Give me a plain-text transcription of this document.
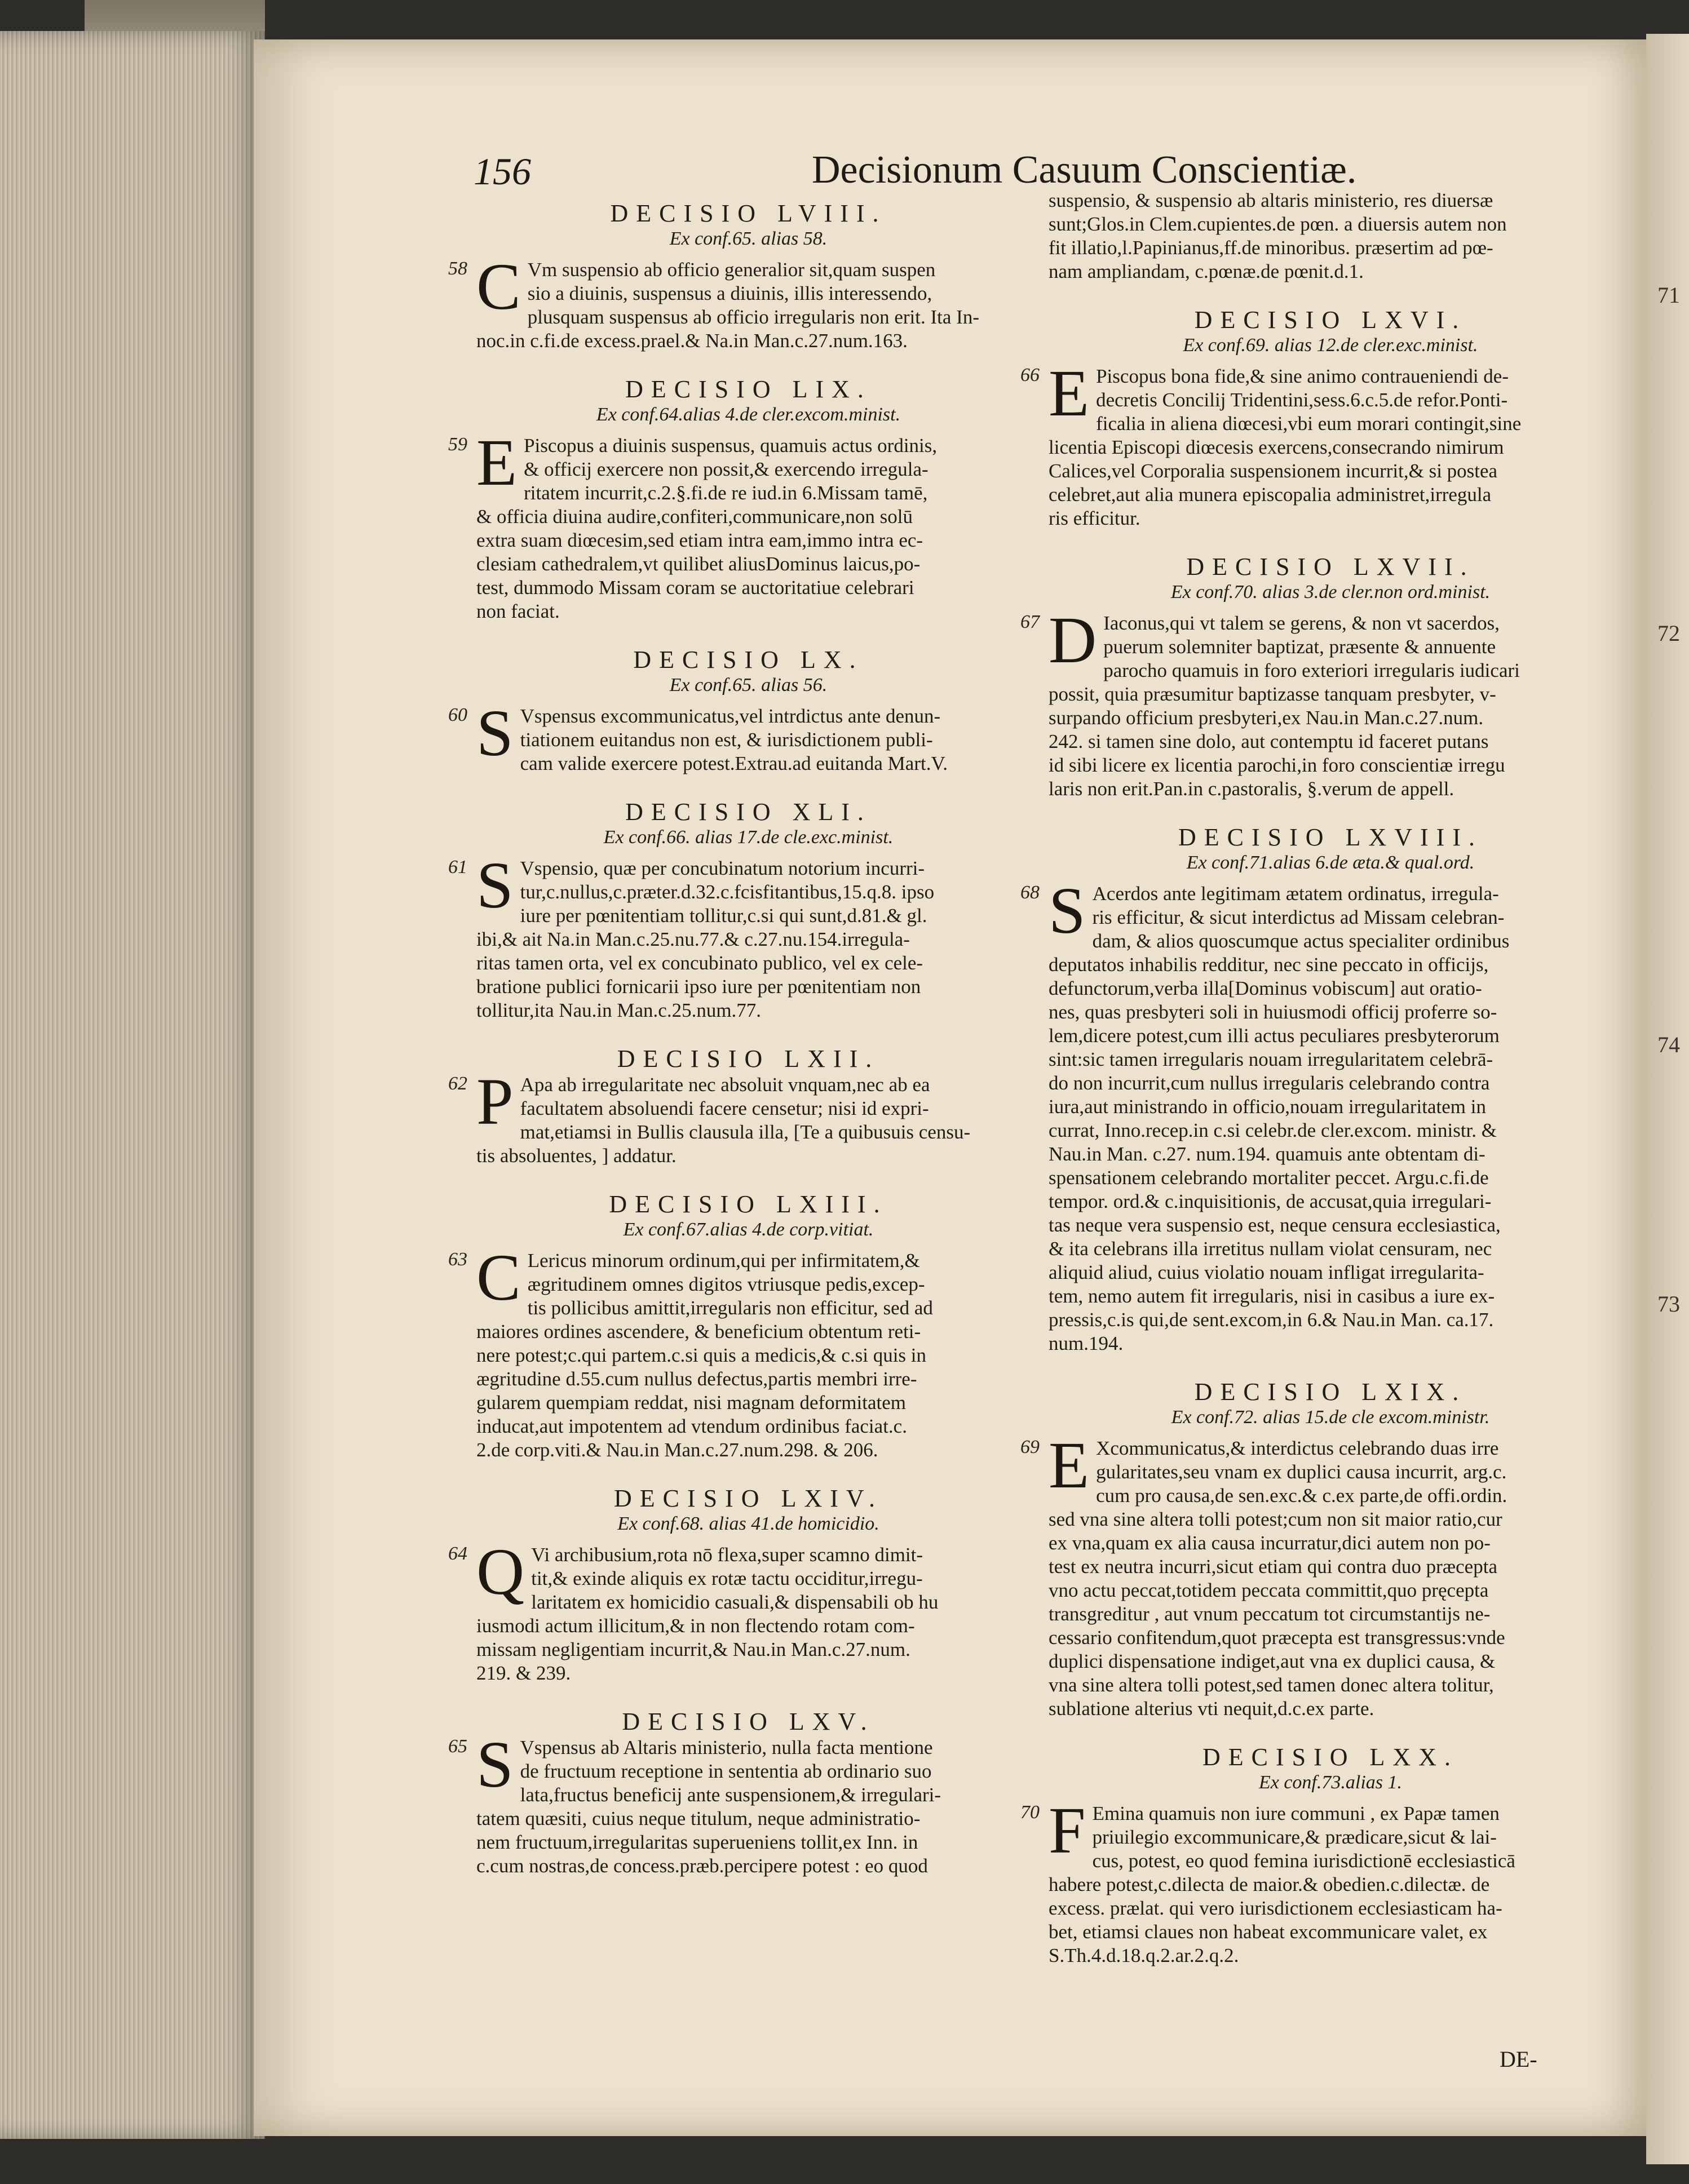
71
72
74
73
156	Decisionum Casuum Conscientiæ.
DECISIO LVIII.
Ex conf.65. alias 58.
58 C Vm suspensio ab officio generalior sit,quam suspen
sio a diuinis, suspensus a diuinis, illis interessendo,
plusquam suspensus ab officio irregularis non erit. Ita In-
noc.in c.fi.de excess.prael.& Na.in Man.c.27.num.163.
DECISIO LIX.
Ex conf.64.alias 4.de cler.excom.minist.
59 E Piscopus a diuinis suspensus, quamuis actus ordinis,
& officij exercere non possit,& exercendo irregula-
ritatem incurrit,c.2.§.fi.de re iud.in 6.Missam tamē,
& officia diuina audire,confiteri,communicare,non solū
extra suam diœcesim,sed etiam intra eam,immo intra ec-
clesiam cathedralem,vt quilibet aliusDominus laicus,po-
test, dummodo Missam coram se auctoritatiue celebrari
non faciat.
DECISIO LX.
Ex conf.65. alias 56.
60 S Vspensus excommunicatus,vel intrdictus ante denun-
tiationem euitandus non est, & iurisdictionem publi-
cam valide exercere potest.Extrau.ad euitanda Mart.V.
DECISIO XLI.
Ex conf.66. alias 17.de cle.exc.minist.
61 S Vspensio, quæ per concubinatum notorium incurri-
tur,c.nullus,c.præter.d.32.c.fcisfitantibus,15.q.8. ipso
iure per pœnitentiam tollitur,c.si qui sunt,d.81.& gl.
ibi,& ait Na.in Man.c.25.nu.77.& c.27.nu.154.irregula-
ritas tamen orta, vel ex concubinato publico, vel ex cele-
bratione publici fornicarii ipso iure per pœnitentiam non
tollitur,ita Nau.in Man.c.25.num.77.
DECISIO LXII.
62 P Apa ab irregularitate nec absoluit vnquam,nec ab ea
facultatem absoluendi facere censetur; nisi id expri-
mat,etiamsi in Bullis clausula illa, [Te a quibusuis censu-
tis absoluentes, ] addatur.
DECISIO LXIII.
Ex conf.67.alias 4.de corp.vitiat.
63 C Lericus minorum ordinum,qui per infirmitatem,&
ægritudinem omnes digitos vtriusque pedis,excep-
tis pollicibus amittit,irregularis non efficitur, sed ad
maiores ordines ascendere, & beneficium obtentum reti-
nere potest;c.qui partem.c.si quis a medicis,& c.si quis in
ægritudine d.55.cum nullus defectus,partis membri irre-
gularem quempiam reddat, nisi magnam deformitatem
inducat,aut impotentem ad vtendum ordinibus faciat.c.
2.de corp.viti.& Nau.in Man.c.27.num.298. & 206.
DECISIO LXIV.
Ex conf.68. alias 41.de homicidio.
64 Q Vi archibusium,rota nō flexa,super scamno dimit-
tit,& exinde aliquis ex rotæ tactu occiditur,irregu-
laritatem ex homicidio casuali,& dispensabili ob hu
iusmodi actum illicitum,& in non flectendo rotam com-
missam negligentiam incurrit,& Nau.in Man.c.27.num.
219. & 239.
DECISIO LXV.
65 S Vspensus ab Altaris ministerio, nulla facta mentione
de fructuum receptione in sententia ab ordinario suo
lata,fructus beneficij ante suspensionem,& irregulari-
tatem quæsiti, cuius neque titulum, neque administratio-
nem fructuum,irregularitas superueniens tollit,ex Inn. in
c.cum nostras,de concess.præb.percipere potest : eo quod
suspensio, & suspensio ab altaris ministerio, res diuersæ
sunt;Glos.in Clem.cupientes.de pœn. a diuersis autem non
fit illatio,l.Papinianus,ff.de minoribus. præsertim ad pœ-
nam ampliandam, c.pœnæ.de pœnit.d.1.
DECISIO LXVI.
Ex conf.69. alias 12.de cler.exc.minist.
66 E Piscopus bona fide,& sine animo contraueniendi de-
decretis Concilij Tridentini,sess.6.c.5.de refor.Ponti-
ficalia in aliena diœcesi,vbi eum morari contingit,sine
licentia Episcopi diœcesis exercens,consecrando nimirum
Calices,vel Corporalia suspensionem incurrit,& si postea
celebret,aut alia munera episcopalia administret,irregula
ris efficitur.
DECISIO LXVII.
Ex conf.70. alias 3.de cler.non ord.minist.
67 D Iaconus,qui vt talem se gerens, & non vt sacerdos,
puerum solemniter baptizat, præsente & annuente
parocho quamuis in foro exteriori irregularis iudicari
possit, quia præsumitur baptizasse tanquam presbyter, v-
surpando officium presbyteri,ex Nau.in Man.c.27.num.
242. si tamen sine dolo, aut contemptu id faceret putans
id sibi licere ex licentia parochi,in foro conscientiæ irregu
laris non erit.Pan.in c.pastoralis, §.verum de appell.
DECISIO LXVIII.
Ex conf.71.alias 6.de æta.& qual.ord.
68 S Acerdos ante legitimam ætatem ordinatus, irregula-
ris efficitur, & sicut interdictus ad Missam celebran-
dam, & alios quoscumque actus specialiter ordinibus
deputatos inhabilis redditur, nec sine peccato in officijs,
defunctorum,verba illa[Dominus vobiscum] aut oratio-
nes, quas presbyteri soli in huiusmodi officij proferre so-
lem,dicere potest,cum illi actus peculiares presbyterorum
sint:sic tamen irregularis nouam irregularitatem celebrā-
do non incurrit,cum nullus irregularis celebrando contra
iura,aut ministrando in officio,nouam irregularitatem in
currat, Inno.recep.in c.si celebr.de cler.excom. ministr. &
Nau.in Man. c.27. num.194. quamuis ante obtentam di-
spensationem celebrando mortaliter peccet. Argu.c.fi.de
tempor. ord.& c.inquisitionis, de accusat,quia irregulari-
tas neque vera suspensio est, neque censura ecclesiastica,
& ita celebrans illa irretitus nullam violat censuram, nec
aliquid aliud, cuius violatio nouam infligat irregularita-
tem, nemo autem fit irregularis, nisi in casibus a iure ex-
pressis,c.is qui,de sent.excom,in 6.& Nau.in Man. ca.17.
num.194.
DECISIO LXIX.
Ex conf.72. alias 15.de cle excom.ministr.
69 E Xcommunicatus,& interdictus celebrando duas irre
gularitates,seu vnam ex duplici causa incurrit, arg.c.
cum pro causa,de sen.exc.& c.ex parte,de offi.ordin.
sed vna sine altera tolli potest;cum non sit maior ratio,cur
ex vna,quam ex alia causa incurratur,dici autem non po-
test ex neutra incurri,sicut etiam qui contra duo præcepta
vno actu peccat,totidem peccata committit,quo pręcepta
transgreditur , aut vnum peccatum tot circumstantijs ne-
cessario confitendum,quot præcepta est transgressus:vnde
duplici dispensatione indiget,aut vna ex duplici causa, &
vna sine altera tolli potest,sed tamen donec altera tolitur,
sublatione alterius vti nequit,d.c.ex parte.
DECISIO LXX.
Ex conf.73.alias 1.
70 F Emina quamuis non iure communi , ex Papæ tamen
priuilegio excommunicare,& prædicare,sicut & lai-
cus, potest, eo quod femina iurisdictionē ecclesiasticā
habere potest,c.dilecta de maior.& obedien.c.dilectæ. de
excess. prælat. qui vero iurisdictionem ecclesiasticam ha-
bet, etiamsi claues non habeat excommunicare valet, ex
S.Th.4.d.18.q.2.ar.2.q.2.
DE-
